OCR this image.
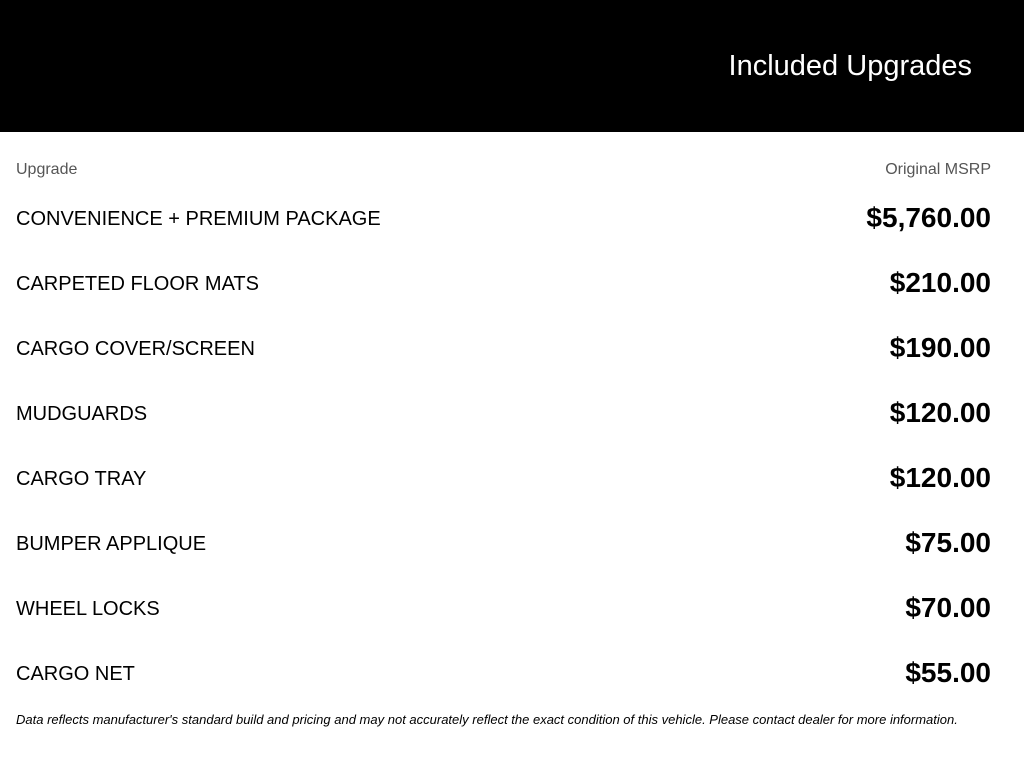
Included Upgrades
Upgrade	Original MSRP
CONVENIENCE + PREMIUM PACKAGE	$5,760.00
CARPETED FLOOR MATS	$210.00
CARGO COVER/SCREEN	$190.00
MUDGUARDS	$120.00
CARGO TRAY	$120.00
BUMPER APPLIQUE	$75.00
WHEEL LOCKS	$70.00
CARGO NET	$55.00
Data reflects manufacturer's standard build and pricing and may not accurately reflect the exact condition of this vehicle. Please contact dealer for more information.
